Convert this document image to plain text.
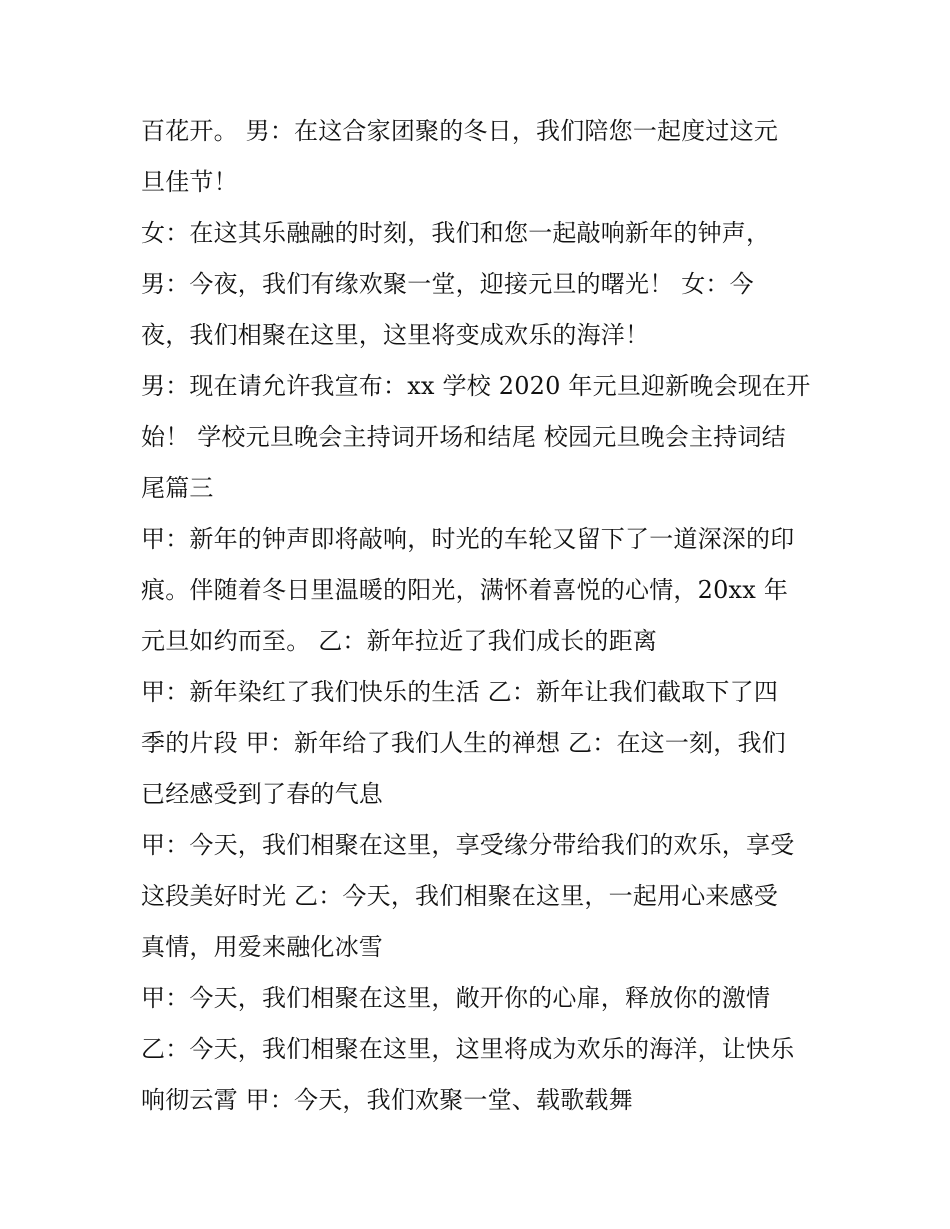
百花开。 男：在这合家团聚的冬日，我们陪您一起度过这元
旦佳节！
女：在这其乐融融的时刻，我们和您一起敲响新年的钟声，
男：今夜，我们有缘欢聚一堂，迎接元旦的曙光！ 女：今
夜，我们相聚在这里，这里将变成欢乐的海洋！
男：现在请允许我宣布：xx 学校 2020 年元旦迎新晚会现在开
始！ 学校元旦晚会主持词开场和结尾 校园元旦晚会主持词结
尾篇三
甲：新年的钟声即将敲响，时光的车轮又留下了一道深深的印
痕。伴随着冬日里温暖的阳光，满怀着喜悦的心情，20xx 年
元旦如约而至。 乙：新年拉近了我们成长的距离
甲：新年染红了我们快乐的生活 乙：新年让我们截取下了四
季的片段 甲：新年给了我们人生的禅想 乙：在这一刻，我们
已经感受到了春的气息
甲：今天，我们相聚在这里，享受缘分带给我们的欢乐，享受
这段美好时光 乙：今天，我们相聚在这里，一起用心来感受
真情，用爱来融化冰雪
甲：今天，我们相聚在这里，敞开你的心扉，释放你的激情
乙：今天，我们相聚在这里，这里将成为欢乐的海洋，让快乐
响彻云霄 甲：今天，我们欢聚一堂、载歌载舞
